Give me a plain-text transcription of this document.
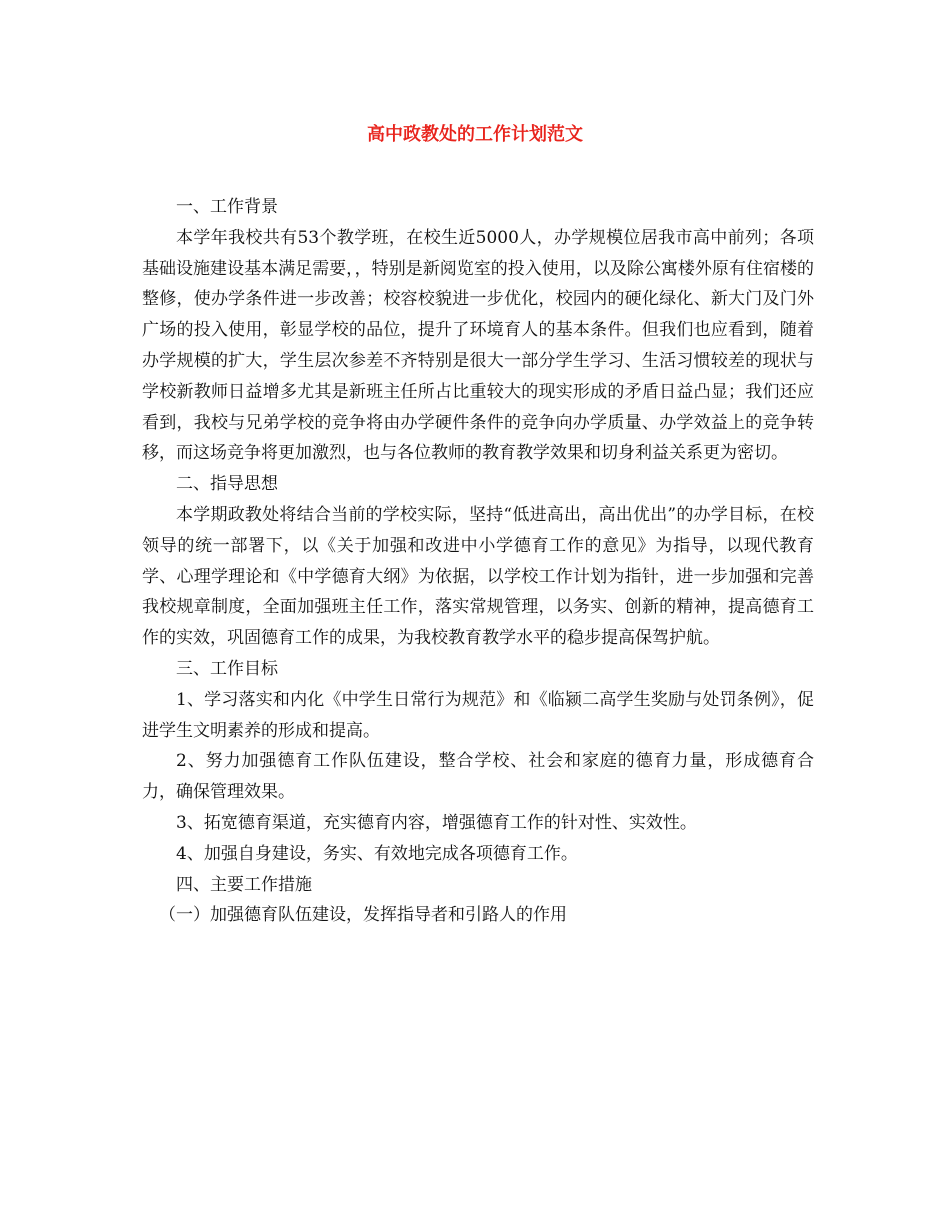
高中政教处的工作计划范文

一、工作背景

本学年我校共有53个教学班，在校生近5000人，办学规模位居我市高中前列；各项基础设施建设基本满足需要，，特别是新阅览室的投入使用，以及除公寓楼外原有住宿楼的整修，使办学条件进一步改善；校容校貌进一步优化，校园内的硬化绿化、新大门及门外广场的投入使用，彰显学校的品位，提升了环境育人的基本条件。但我们也应看到，随着办学规模的扩大，学生层次参差不齐特别是很大一部分学生学习、生活习惯较差的现状与学校新教师日益增多尤其是新班主任所占比重较大的现实形成的矛盾日益凸显；我们还应看到，我校与兄弟学校的竞争将由办学硬件条件的竞争向办学质量、办学效益上的竞争转移，而这场竞争将更加激烈，也与各位教师的教育教学效果和切身利益关系更为密切。

二、指导思想

本学期政教处将结合当前的学校实际，坚持“低进高出，高出优出”的办学目标，在校领导的统一部署下，以《关于加强和改进中小学德育工作的意见》为指导，以现代教育学、心理学理论和《中学德育大纲》为依据，以学校工作计划为指针，进一步加强和完善我校规章制度，全面加强班主任工作，落实常规管理，以务实、创新的精神，提高德育工作的实效，巩固德育工作的成果，为我校教育教学水平的稳步提高保驾护航。

三、工作目标

1、学习落实和内化《中学生日常行为规范》和《临颍二高学生奖励与处罚条例》，促进学生文明素养的形成和提高。

2、努力加强德育工作队伍建设，整合学校、社会和家庭的德育力量，形成德育合力，确保管理效果。

3、拓宽德育渠道，充实德育内容，增强德育工作的针对性、实效性。

4、加强自身建设，务实、有效地完成各项德育工作。

四、主要工作措施

（一）加强德育队伍建设，发挥指导者和引路人的作用
